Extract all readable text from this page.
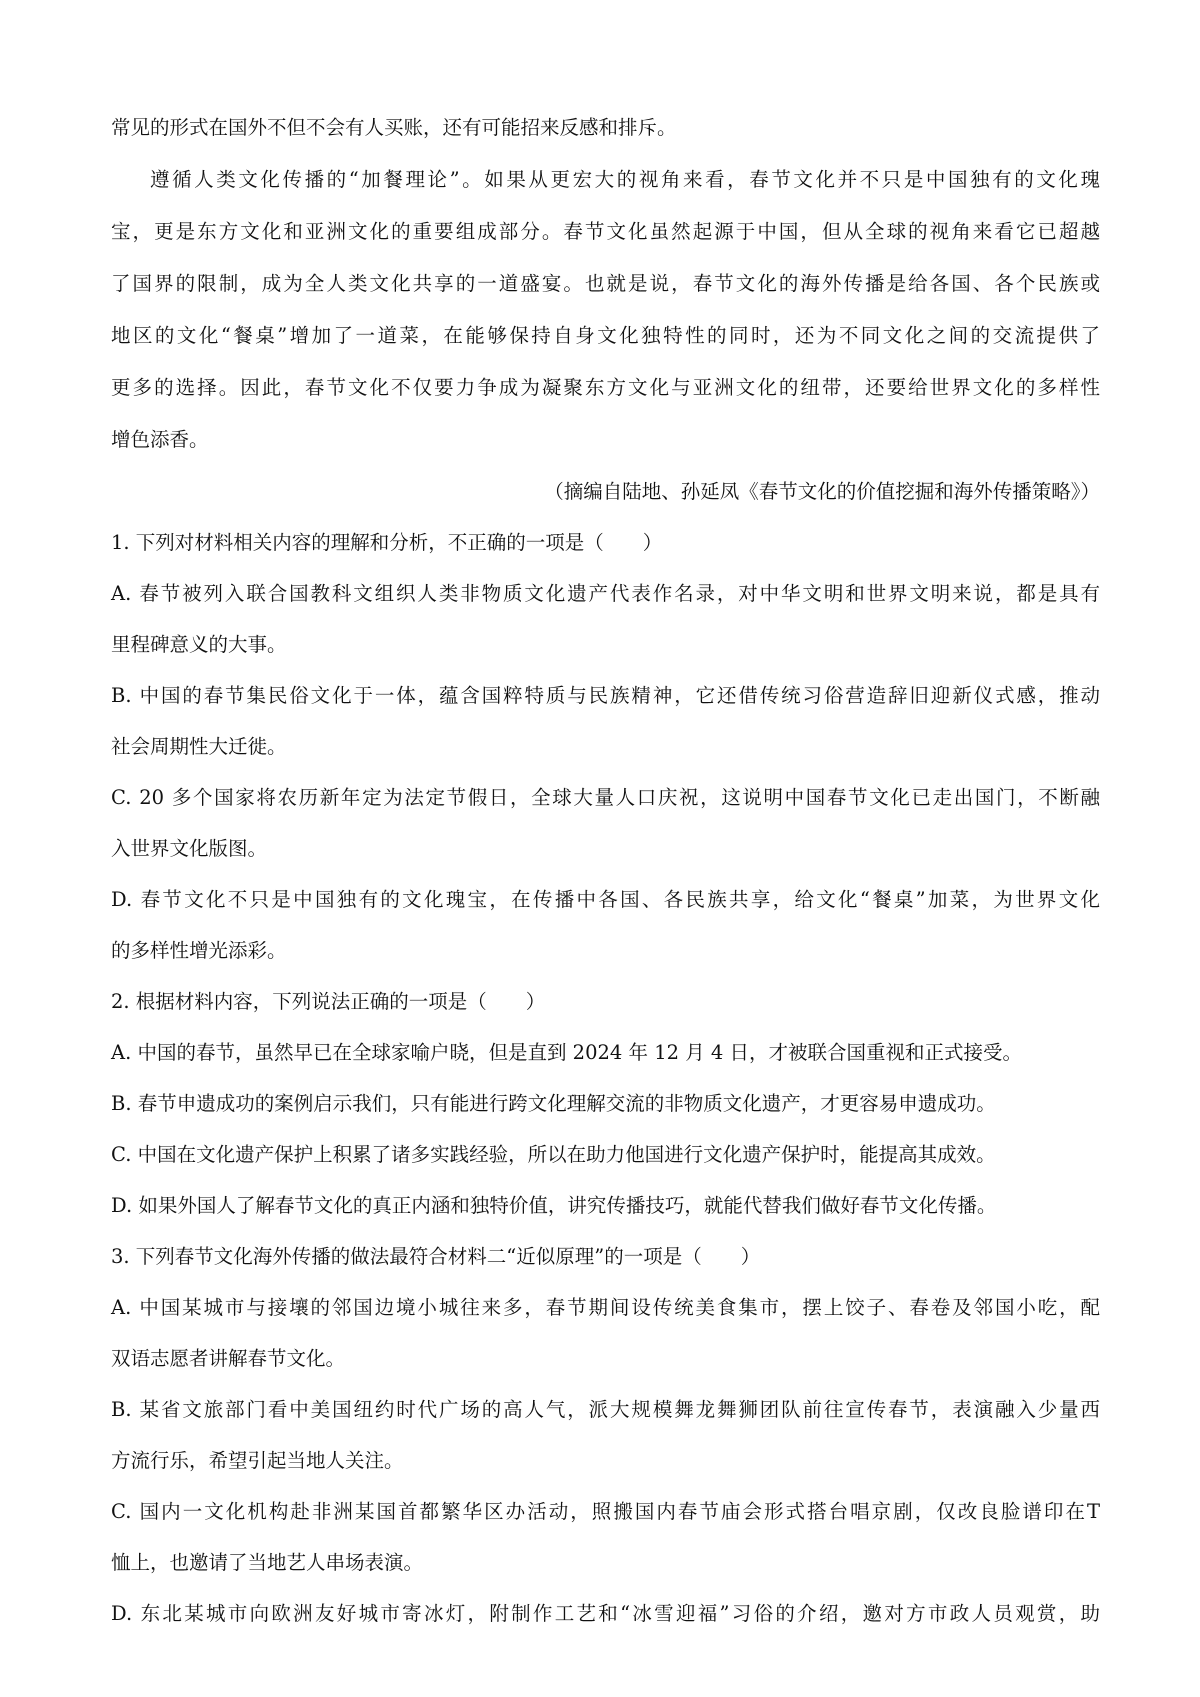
常见的形式在国外不但不会有人买账，还有可能招来反感和排斥。
遵循人类文化传播的“加餐理论”。如果从更宏大的视角来看，春节文化并不只是中国独有的文化瑰
宝，更是东方文化和亚洲文化的重要组成部分。春节文化虽然起源于中国，但从全球的视角来看它已超越
了国界的限制，成为全人类文化共享的一道盛宴。也就是说，春节文化的海外传播是给各国、各个民族或
地区的文化“餐桌”增加了一道菜，在能够保持自身文化独特性的同时，还为不同文化之间的交流提供了
更多的选择。因此，春节文化不仅要力争成为凝聚东方文化与亚洲文化的纽带，还要给世界文化的多样性
增色添香。
（摘编自陆地、孙延凤《春节文化的价值挖掘和海外传播策略》）
1. 下列对材料相关内容的理解和分析，不正确的一项是（　　）
A. 春节被列入联合国教科文组织人类非物质文化遗产代表作名录，对中华文明和世界文明来说，都是具有
里程碑意义的大事。
B. 中国的春节集民俗文化于一体，蕴含国粹特质与民族精神，它还借传统习俗营造辞旧迎新仪式感，推动
社会周期性大迁徙。
C. 20 多个国家将农历新年定为法定节假日，全球大量人口庆祝，这说明中国春节文化已走出国门，不断融
入世界文化版图。
D. 春节文化不只是中国独有的文化瑰宝，在传播中各国、各民族共享，给文化“餐桌”加菜，为世界文化
的多样性增光添彩。
2. 根据材料内容，下列说法正确的一项是（　　）
A. 中国的春节，虽然早已在全球家喻户晓，但是直到 2024 年 12 月 4 日，才被联合国重视和正式接受。
B. 春节申遗成功的案例启示我们，只有能进行跨文化理解交流的非物质文化遗产，才更容易申遗成功。
C. 中国在文化遗产保护上积累了诸多实践经验，所以在助力他国进行文化遗产保护时，能提高其成效。
D. 如果外国人了解春节文化的真正内涵和独特价值，讲究传播技巧，就能代替我们做好春节文化传播。
3. 下列春节文化海外传播的做法最符合材料二“近似原理”的一项是（　　）
A. 中国某城市与接壤的邻国边境小城往来多，春节期间设传统美食集市，摆上饺子、春卷及邻国小吃，配
双语志愿者讲解春节文化。
B. 某省文旅部门看中美国纽约时代广场的高人气，派大规模舞龙舞狮团队前往宣传春节，表演融入少量西
方流行乐，希望引起当地人关注。
C. 国内一文化机构赴非洲某国首都繁华区办活动，照搬国内春节庙会形式搭台唱京剧，仅改良脸谱印在T
恤上，也邀请了当地艺人串场表演。
D. 东北某城市向欧洲友好城市寄冰灯，附制作工艺和“冰雪迎福”习俗的介绍，邀对方市政人员观赏，助
